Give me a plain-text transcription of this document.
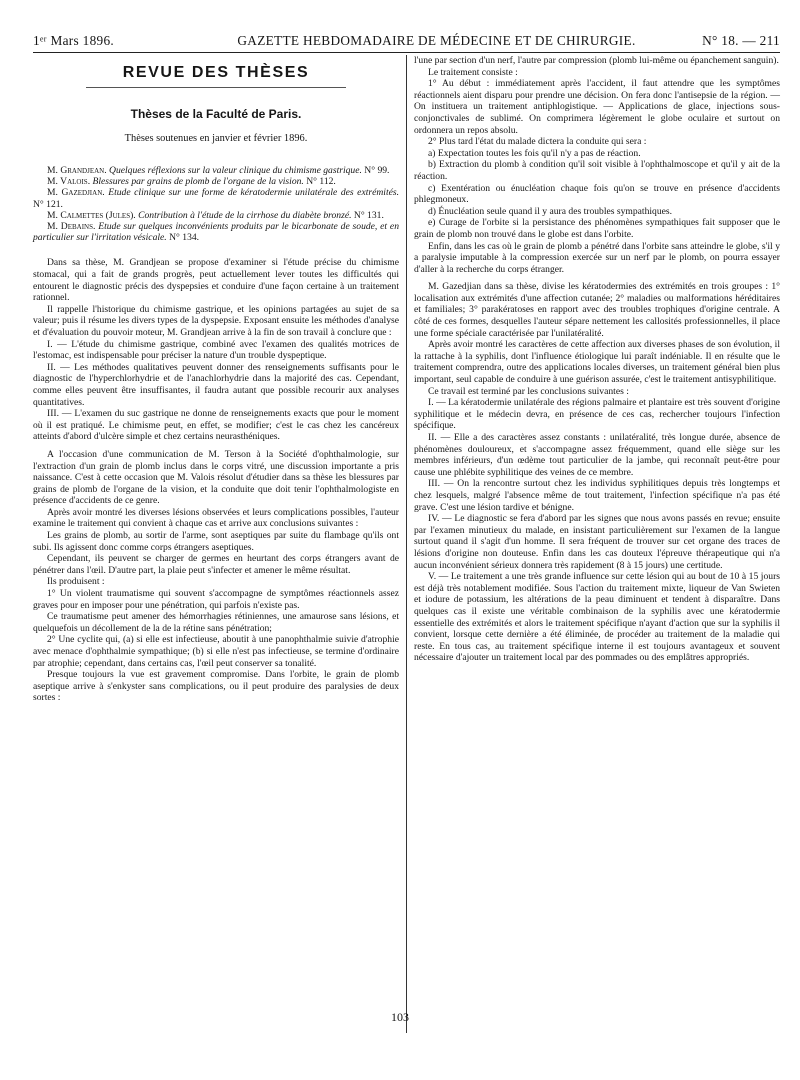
1ᵉʳ Mars 1896.	GAZETTE HEBDOMADAIRE DE MÉDECINE ET DE CHIRURGIE.	N° 18. — 211
REVUE DES THÈSES
Thèses de la Faculté de Paris.
Thèses soutenues en janvier et février 1896.

M. Grandjean. Quelques réflexions sur la valeur clinique du chimisme gastrique. N° 99.

M. Valois. Blessures par grains de plomb de l'organe de la vision. N° 112.

M. Gazedjian. Etude clinique sur une forme de kératodermie unilatérale des extrémités. N° 121.

M. Calmettes (Jules). Contribution à l'étude de la cirrhose du diabète bronzé. N° 131.

M. Debains. Etude sur quelques inconvénients produits par le bicarbonate de soude, et en particulier sur l'irritation vésicale. N° 134.

Dans sa thèse, M. Grandjean se propose d'examiner si l'étude précise du chimisme stomacal, qui a fait de grands progrès, peut actuellement lever toutes les difficultés qui entourent le diagnostic précis des dyspepsies et conduire d'une façon certaine à un traitement rationnel.

Il rappelle l'historique du chimisme gastrique, et les opinions partagées au sujet de sa valeur; puis il résume les divers types de la dyspepsie. Exposant ensuite les méthodes d'analyse et d'évaluation du pouvoir moteur, M. Grandjean arrive à la fin de son travail à conclure que :

I. — L'étude du chimisme gastrique, combiné avec l'examen des qualités motrices de l'estomac, est indispensable pour préciser la nature d'un trouble dyspeptique.

II. — Les méthodes qualitatives peuvent donner des renseignements suffisants pour le diagnostic de l'hyperchlorhydrie et de l'anachlorhydrie dans la majorité des cas. Cependant, comme elles peuvent être insuffisantes, il faudra autant que possible recourir aux analyses quantitatives.

III. — L'examen du suc gastrique ne donne de renseignements exacts que pour le moment où il est pratiqué. Le chimisme peut, en effet, se modifier; c'est le cas chez les cancéreux atteints d'abord d'ulcère simple et chez certains neurasthéniques.

A l'occasion d'une communication de M. Terson à la Société d'ophthalmologie, sur l'extraction d'un grain de plomb inclus dans le corps vitré, une discussion importante a pris naissance. C'est à cette occasion que M. Valois résolut d'étudier dans sa thèse les blessures par grains de plomb de l'organe de la vision, et la conduite que doit tenir l'ophthalmologiste en présence d'accidents de ce genre.

Après avoir montré les diverses lésions observées et leurs complications possibles, l'auteur examine le traitement qui convient à chaque cas et arrive aux conclusions suivantes :

Les grains de plomb, au sortir de l'arme, sont aseptiques par suite du flambage qu'ils ont subi. Ils agissent donc comme corps étrangers aseptiques.

Cependant, ils peuvent se charger de germes en heurtant des corps étrangers avant de pénétrer dans l'œil. D'autre part, la plaie peut s'infecter et amener le même résultat.

Ils produisent :

1° Un violent traumatisme qui souvent s'accompagne de symptômes réactionnels assez graves pour en imposer pour une pénétration, qui parfois n'existe pas.

Ce traumatisme peut amener des hémorrhagies rétiniennes, une amaurose sans lésions, et quelquefois un décollement de la de la rétine sans pénétration;

2° Une cyclite qui, (a) si elle est infectieuse, aboutit à une panophthalmie suivie d'atrophie avec menace d'ophthalmie sympathique; (b) si elle n'est pas infectieuse, se termine d'ordinaire par atrophie; cependant, dans certains cas, l'œil peut conserver sa tonalité.

Presque toujours la vue est gravement compromise. Dans l'orbite, le grain de plomb aseptique arrive à s'enkyster sans complications, ou il peut produire des paralysies de deux sortes :

l'une par section d'un nerf, l'autre par compression (plomb lui-même ou épanchement sanguin).

Le traitement consiste :

1° Au début : immédiatement après l'accident, il faut attendre que les symptômes réactionnels aient disparu pour prendre une décision. On fera donc l'antisepsie de la région. — On instituera un traitement antiphlogistique. — Applications de glace, injections sous-conjonctivales de sublimé. On comprimera légèrement le globe oculaire et surtout on ordonnera un repos absolu.

2° Plus tard l'état du malade dictera la conduite qui sera :

a) Expectation toutes les fois qu'il n'y a pas de réaction.

b) Extraction du plomb à condition qu'il soit visible à l'ophthalmoscope et qu'il y ait de la réaction.

c) Exentération ou énucléation chaque fois qu'on se trouve en présence d'accidents phlegmoneux.

d) Énucléation seule quand il y aura des troubles sympathiques.

e) Curage de l'orbite si la persistance des phénomènes sympathiques fait supposer que le grain de plomb non trouvé dans le globe est dans l'orbite.

Enfin, dans les cas où le grain de plomb a pénétré dans l'orbite sans atteindre le globe, s'il y a paralysie imputable à la compression exercée sur un nerf par le plomb, on pourra essayer d'aller à la recherche du corps étranger.

M. Gazedjian dans sa thèse, divise les kératodermies des extrémités en trois groupes : 1° localisation aux extrémités d'une affection cutanée; 2° maladies ou malformations héréditaires et familiales; 3° parakératoses en rapport avec des troubles trophiques d'origine centrale. A côté de ces formes, desquelles l'auteur sépare nettement les callosités professionnelles, il place une forme spéciale caractérisée par l'unilatéralité.

Après avoir montré les caractères de cette affection aux diverses phases de son évolution, il la rattache à la syphilis, dont l'influence étiologique lui paraît indéniable. Il en résulte que le traitement comprendra, outre des applications locales diverses, un traitement général bien plus important, seul capable de conduire à une guérison assurée, c'est le traitement antisyphilitique.

Ce travail est terminé par les conclusions suivantes :

I. — La kératodermie unilatérale des régions palmaire et plantaire est très souvent d'origine syphilitique et le médecin devra, en présence de ces cas, rechercher toujours l'infection spécifique.

II. — Elle a des caractères assez constants : unilatéralité, très longue durée, absence de phénomènes douloureux, et s'accompagne assez fréquemment, quand elle siège sur les membres inférieurs, d'un œdème tout particulier de la jambe, qui reconnaît peut-être pour cause une phlébite syphilitique des veines de ce membre.

III. — On la rencontre surtout chez les individus syphilitiques depuis très longtemps et chez lesquels, malgré l'absence même de tout traitement, l'infection spécifique n'a pas été grave. C'est une lésion tardive et bénigne.

IV. — Le diagnostic se fera d'abord par les signes que nous avons passés en revue; ensuite par l'examen minutieux du malade, en insistant particulièrement sur l'examen de la langue surtout quand il s'agit d'un homme. Il sera fréquent de trouver sur cet organe des traces de lésions d'origine non douteuse. Enfin dans les cas douteux l'épreuve thérapeutique qui n'a aucun inconvénient sérieux donnera très rapidement (8 à 15 jours) une certitude.

V. — Le traitement a une très grande influence sur cette lésion qui au bout de 10 à 15 jours est déjà très notablement modifiée. Sous l'action du traitement mixte, liqueur de Van Swieten et iodure de potassium, les altérations de la peau diminuent et tendent à disparaître. Dans quelques cas il existe une véritable combinaison de la syphilis avec une kératodermie essentielle des extrémités et alors le traitement spécifique n'ayant d'action que sur la syphilis il convient, lorsque cette dernière a été éliminée, de procéder au traitement de la maladie qui reste. En tous cas, au traitement spécifique interne il est toujours avantageux et souvent nécessaire d'ajouter un traitement local par des pommades ou des emplâtres appropriés.

103
